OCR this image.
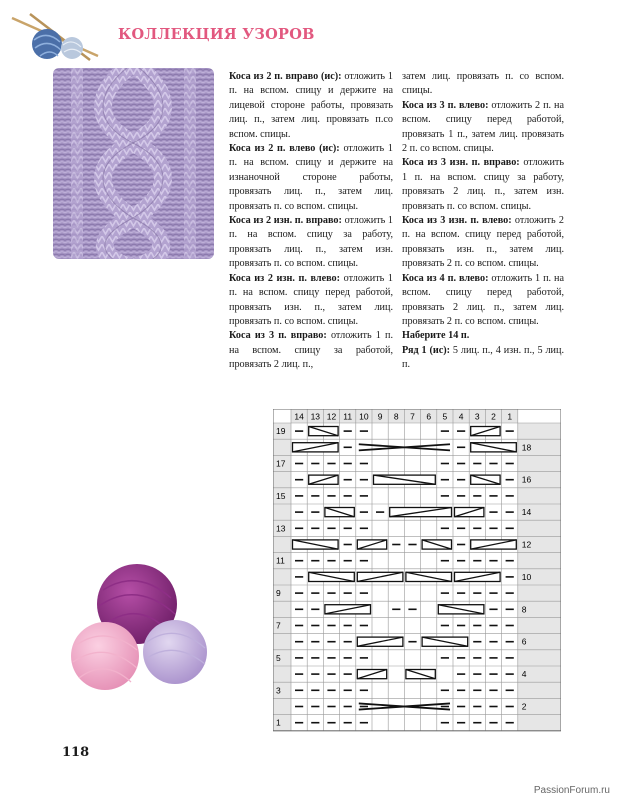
КОЛЛЕКЦИЯ УЗОРОВ

Коса из 2 п. вправо (ис): отложить 1 п. на вспом. спицу и держите на лицевой стороне работы, провязать лиц. п., затем лиц. провязать п.со вспом. спицы.

Коса из 2 п. влево (ис): отложить 1 п. на вспом. спицу и держите на изнаночной стороне работы, провязать лиц. п., затем лиц. провязать п. со вспом. спицы.

Коса из 2 изн. п. вправо: отложить 1 п. на вспом. спицу за работу, провязать лиц. п., затем изн. провязать п. со вспом. спицы.

Коса из 2 изн. п. влево: отложить 1 п. на вспом. спицу перед работой, провязать изн. п., затем лиц. провязать п. со вспом. спицы.

Коса из 3 п. вправо: отложить 1 п. на вспом. спицу за работой, провязать 2 лиц. п.,

затем лиц. провязать п. со вспом. спицы.

Коса из 3 п. влево: отложить 2 п. на вспом. спицу перед работой, провязать 1 п., затем лиц. провязать 2 п. со вспом. спицы.

Коса из 3 изн. п. вправо: отложить 1 п. на вспом. спицу за работу, провязать 2 лиц. п., затем изн. провязать п. со вспом. спицы.

Коса из 3 изн. п. влево: отложить 2 п. на вспом. спицу перед работой, провязать изн. п., затем лиц. провязать 2 п. со вспом. спицы.

Коса из 4 п. влево: отложить 1 п. на вспом. спицу перед работой, провязать 2 лиц. п., затем лиц. провязать 2 п. со вспом. спицы.

Наберите 14 п.

Ряд 1 (ис): 5 лиц. п., 4 изн. п., 5 лиц. п.

14 13 12 11 10 9 8 7 6 5 4 3 2 1
19
17
15
13
11
9
7
5
3
1
18
16
14
12
10
8
6
4
2
118
PassionForum.ru
